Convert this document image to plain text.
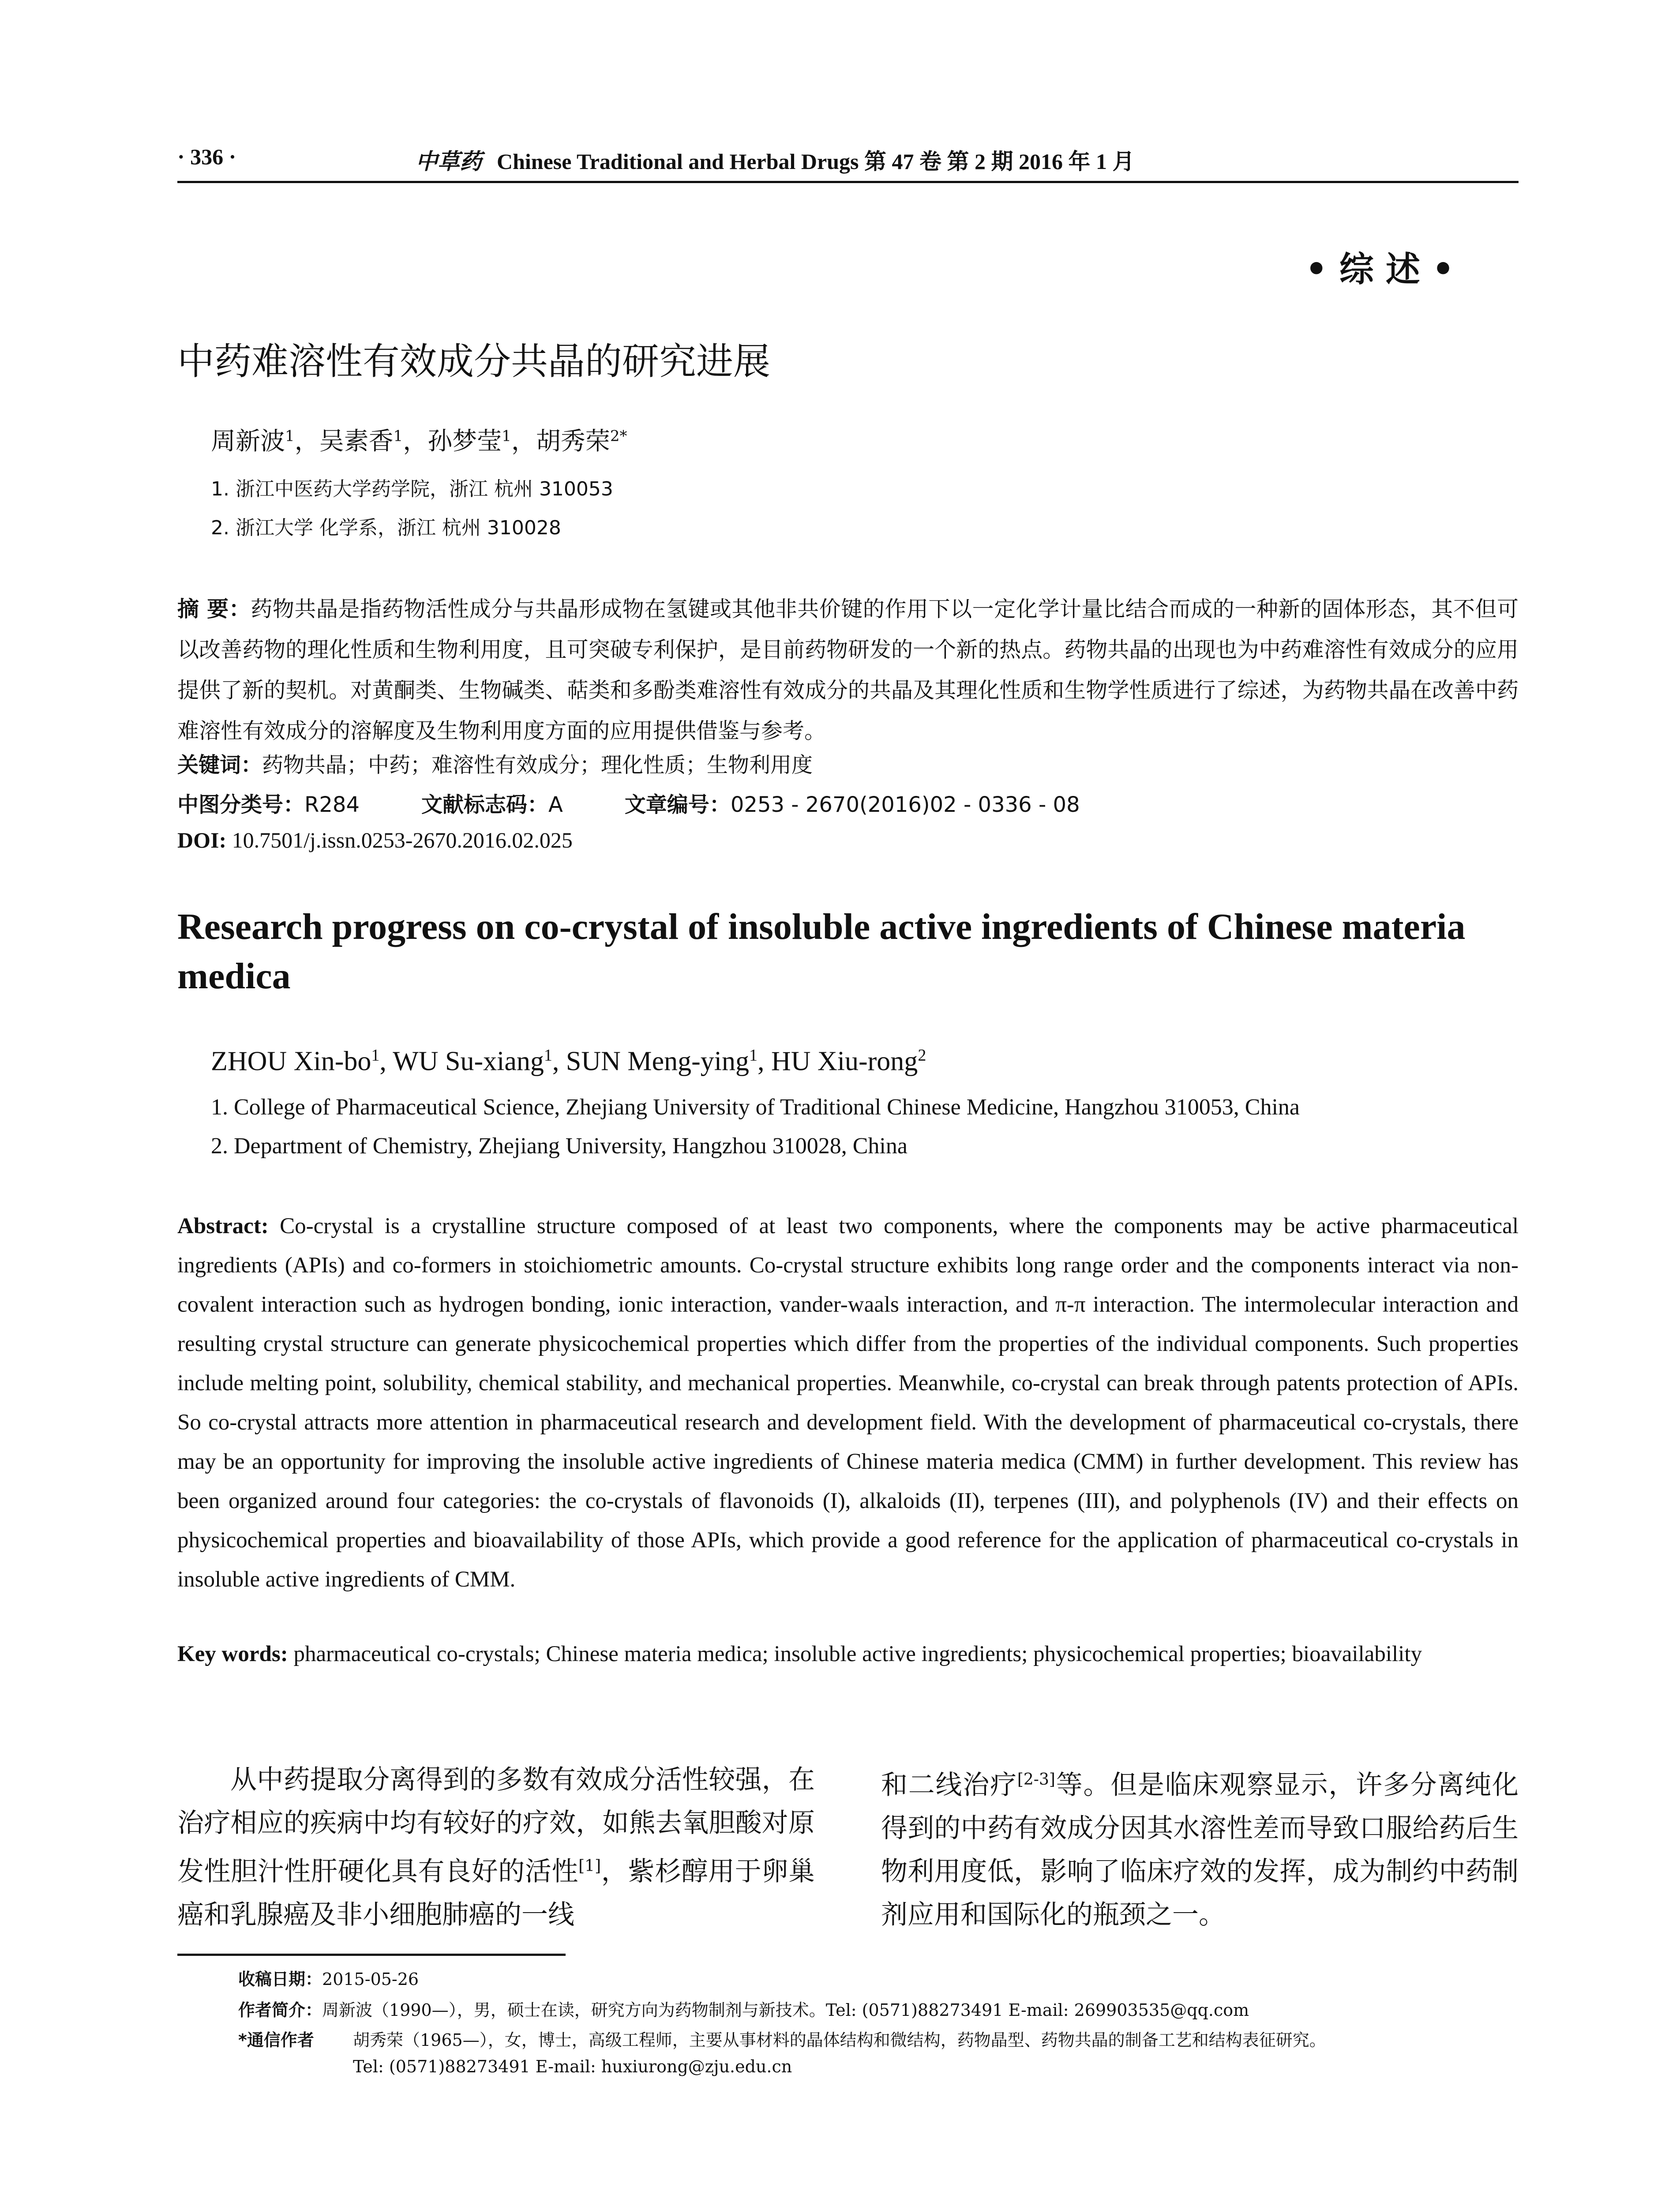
· 336 ·	中草药 Chinese Traditional and Herbal Drugs 第 47 卷 第 2 期 2016 年 1 月
• 综 述 •
中药难溶性有效成分共晶的研究进展
周新波$^1$，吴素香$^1$，孙梦莹$^1$，胡秀荣$^{2*}$
1. 浙江中医药大学药学院，浙江 杭州 310053
2. 浙江大学 化学系，浙江 杭州 310028

摘 要：药物共晶是指药物活性成分与共晶形成物在氢键或其他非共价键的作用下以一定化学计量比结合而成的一种新的固体形态，其不但可以改善药物的理化性质和生物利用度，且可突破专利保护，是目前药物研发的一个新的热点。药物共晶的出现也为中药难溶性有效成分的应用提供了新的契机。对黄酮类、生物碱类、萜类和多酚类难溶性有效成分的共晶及其理化性质和生物学性质进行了综述，为药物共晶在改善中药难溶性有效成分的溶解度及生物利用度方面的应用提供借鉴与参考。

关键词：药物共晶；中药；难溶性有效成分；理化性质；生物利用度
中图分类号：R284	文献标志码：A	文章编号：0253 - 2670(2016)02 - 0336 - 08
DOI: 10.7501/j.issn.0253-2670.2016.02.025
Research progress on co-crystal of insoluble active ingredients of Chinese materia medica
ZHOU Xin-$bo^1$, WU Su-xiang$^1$, SUN Meng-ying$^1$, HU Xiu-rong$^2$
1. College of Pharmaceutical Science, Zhejiang University of Traditional Chinese Medicine, Hangzhou 310053, China
2. Department of Chemistry, Zhejiang University, Hangzhou 310028, China

Abstract: Co-crystal is a crystalline structure composed of at least two components, where the components may be active pharmaceutical ingredients (APIs) and co-formers in stoichiometric amounts. Co-crystal structure exhibits long range order and the components interact via non-covalent interaction such as hydrogen bonding, ionic interaction, vander-waals interaction, and π-π interaction. The intermolecular interaction and resulting crystal structure can generate physicochemical properties which differ from the properties of the individual components. Such properties include melting point, solubility, chemical stability, and mechanical properties. Meanwhile, co-crystal can break through patents protection of APIs. So co-crystal attracts more attention in pharmaceutical research and development field. With the development of pharmaceutical co-crystals, there may be an opportunity for improving the insoluble active ingredients of Chinese materia medica (CMM) in further development. This review has been organized around four categories: the co-crystals of flavonoids (I), alkaloids (II), terpenes (III), and polyphenols (IV) and their effects on physicochemical properties and bioavailability of those APIs, which provide a good reference for the application of pharmaceutical co-crystals in insoluble active ingredients of CMM.

Key words: pharmaceutical co-crystals; Chinese materia medica; insoluble active ingredients; physicochemical properties; bioavailability

从中药提取分离得到的多数有效成分活性较强，在治疗相应的疾病中均有较好的疗效，如熊去氧胆酸对原发性胆汁性肝硬化具有良好的活性[1]，紫杉醇用于卵巢癌和乳腺癌及非小细胞肺癌的一线

和二线治疗[2-3]等。但是临床观察显示，许多分离纯化得到的中药有效成分因其水溶性差而导致口服给药后生物利用度低，影响了临床疗效的发挥，成为制约中药制剂应用和国际化的瓶颈之一。

收稿日期：2015-05-26
作者简介：周新波（1990—），男，硕士在读，研究方向为药物制剂与新技术。Tel: (0571)88273491 E-mail: 269903535@qq.com
*通信作者 胡秀荣（1965—），女，博士，高级工程师，主要从事材料的晶体结构和微结构，药物晶型、药物共晶的制备工艺和结构表征研究。
Tel: (0571)88273491 E-mail: huxiurong@zju.edu.cn
